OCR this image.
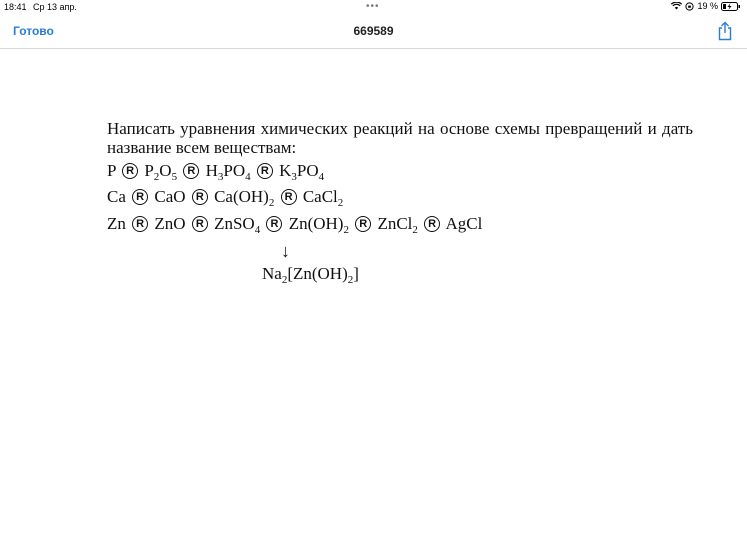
18:41 Ср 13 апр.	•••	19 %
Готово	669589
Написать уравнения химических реакций на основе схемы превращений и дать название всем веществам:
P R $P_2O_5$ R $H_3PO_4$ R $K_3PO_4$
Ca R CaO R $Ca(OH)_2$ R CaCl$_2$
Zn R ZnO R ZnSO$_4$ R $Zn(OH)_2$ R ZnCl$_2$ R AgCl
↓
$Na_2[Zn(OH)_2]$
